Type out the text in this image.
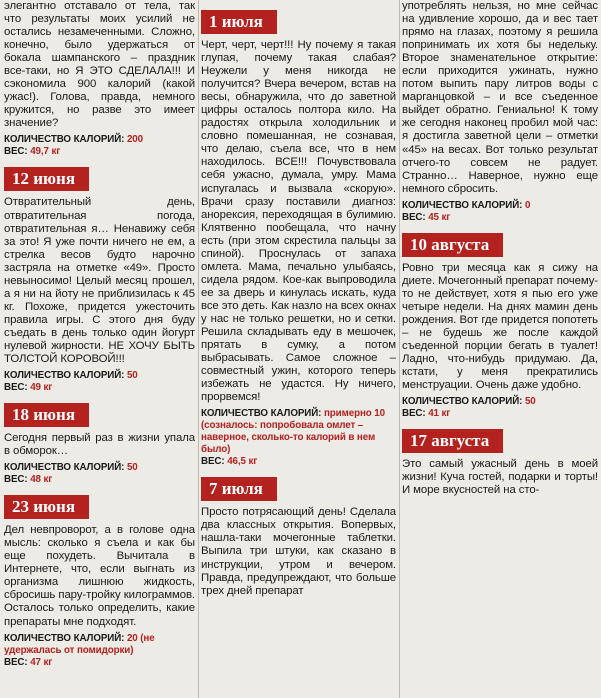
элегантно отставало от тела, так что результаты моих усилий не остались незамеченными. Сложно, конечно, было удержаться от бокала шампанского – праздник все-таки, но Я ЭТО СДЕЛАЛА!!! И сэкономила 900 калорий (какой ужас!). Голова, правда, немного кружится, но разве это имеет значение?

КОЛИЧЕСТВО КАЛОРИЙ: 200

ВЕС: 49,7 кг

12 июня

Отвратительный день, отвратительная погода, отвратительная я… Ненавижу себя за это! Я уже почти ничего не ем, а стрелка весов будто нарочно застряла на отметке «49». Просто невыносимо! Целый месяц прошел, а я ни на йоту не приблизилась к 45 кг. Похоже, придется ужесточить правила игры. С этого дня буду съедать в день только один йогурт нулевой жирности. НЕ ХОЧУ БЫТЬ ТОЛСТОЙ КОРОВОЙ!!!

КОЛИЧЕСТВО КАЛОРИЙ: 50

ВЕС: 49 кг

18 июня

Сегодня первый раз в жизни упала в обморок…

КОЛИЧЕСТВО КАЛОРИЙ: 50

ВЕС: 48 кг

23 июня

Дел невпроворот, а в голове одна мысль: сколько я съела и как бы еще похудеть. Вычитала в Интернете, что, если выгнать из организма лишнюю жидкость, сбросишь пару-тройку килограммов. Осталось только определить, какие препараты мне подходят.

КОЛИЧЕСТВО КАЛОРИЙ: 20 (не удержалась от помидорки)

ВЕС: 47 кг

1 июля

Черт, черт, черт!!! Ну почему я такая глупая, почему такая слабая? Неужели у меня никогда не получится? Вчера вечером, встав на весы, обнаружила, что до заветной цифры осталось полтора кило. На радостях открыла холодильник и словно помешанная, не сознавая, что делаю, съела все, что в нем находилось. ВСЕ!!! Почувствовала себя ужасно, думала, умру. Мама испугалась и вызвала «скорую». Врачи сразу поставили диагноз: анорексия, переходящая в булимию. Клятвенно пообещала, что начну есть (при этом скрестила пальцы за спиной). Проснулась от запаха омлета. Мама, печально улыбаясь, сидела рядом. Кое-как выпроводила ее за дверь и кинулась искать, куда все это деть. Как назло на всех окнах у нас не только решетки, но и сетки. Решила складывать еду в мешочек, прятать в сумку, а потом выбрасывать. Самое сложное – совместный ужин, которого теперь избежать не удастся. Ну ничего, прорвемся!

КОЛИЧЕСТВО КАЛОРИЙ: примерно 10 (созналось: попробовала омлет – наверное, сколько-то калорий в нем было)

ВЕС: 46,5 кг

7 июля

Просто потрясающий день! Сделала два классных открытия. Вопервых, нашла-таки мочегонные таблетки. Выпила три штуки, как сказано в инструкции, утром и вечером. Правда, предупреждают, что больше трех дней препарат

употреблять нельзя, но мне сейчас на удивление хорошо, да и вес тает прямо на глазах, поэтому я решила попринимать их хотя бы недельку. Второе знаменательное открытие: если приходится ужинать, нужно потом выпить пару литров воды с марганцовкой – и все съеденное выйдет обратно. Гениально! К тому же сегодня наконец пробил мой час: я достигла заветной цели – отметки «45» на весах. Вот только результат отчего-то совсем не радует. Странно… Наверное, нужно еще немного сбросить.

КОЛИЧЕСТВО КАЛОРИЙ: 0

ВЕС: 45 кг

10 августа

Ровно три месяца как я сижу на диете. Мочегонный препарат почему-то не действует, хотя я пью его уже четыре недели. На днях мамин день рождения. Вот где придется попотеть – не будешь же после каждой съеденной порции бегать в туалет! Ладно, что-нибудь придумаю. Да, кстати, у меня прекратились менструации. Очень даже удобно.

КОЛИЧЕСТВО КАЛОРИЙ: 50

ВЕС: 41 кг

17 августа

Это самый ужасный день в моей жизни! Куча гостей, подарки и торты! И море вкусностей на сто-
